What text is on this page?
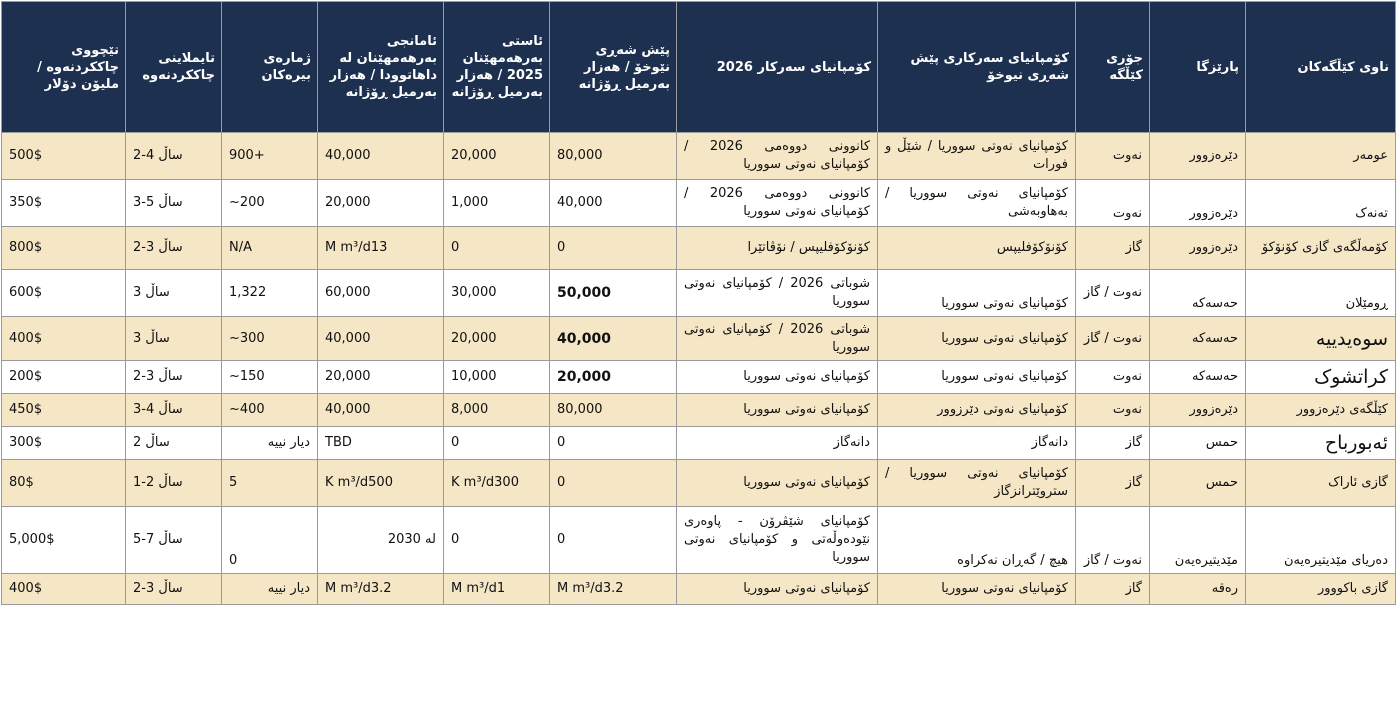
ناوی کێڵگەکان	پارێزگا	جۆری کێڵگە	کۆمپانیای سەرکاری پێش شەڕی نیوخۆ	کۆمپانیای سەرکار 2026	پێش شەڕی نێوخۆ / هەزار بەرمیل ڕۆژانە	ئاستی بەرهەمهێنان 2025 / هەزار بەرمیل ڕۆژانە	ئامانجی بەرهەمهێنان لە داهاتوودا / هەزار بەرمیل ڕۆژانە	ژمارەی بیرەکان	تایملاینی چاککردنەوە	تێچووی چاککردنەوە / ملیۆن دۆلار
عومەر	دێرەزوور	نەوت	کۆمپانیای نەوتی سووریا / شێڵ و فورات	کانوونی دووەمی 2026 / کۆمپانیای نەوتی سووریا	80,000	20,000	40,000	900+	2-4 ساڵ	500$
تەنەک	دێرەزوور	نەوت	کۆمپانیای نەوتی سووریا / بەهاوبەشی	کانوونی دووەمی 2026 / کۆمپانیای نەوتی سووریا	40,000	1,000	20,000	~200	3-5 ساڵ	350$
کۆمەڵگەی گازی کۆنۆکۆ	دێرەزوور	گاز	کۆنۆکۆفلیپس	کۆنۆکۆفلیپس / نۆڤاتێرا	0	0	M m³/d13	N/A	2-3 ساڵ	800$
ڕومێلان	حەسەکە	نەوت / گاز	کۆمپانیای نەوتی سووریا	شوباتی 2026 / کۆمپانیای نەوتی سووریا	50,000	30,000	60,000	1,322	3 ساڵ	600$
سوەیدییە	حەسەکە	نەوت / گاز	کۆمپانیای نەوتی سووریا	شوباتی 2026 / کۆمپانیای نەوتی سووریا	40,000	20,000	40,000	~300	3 ساڵ	400$
کراتشوک	حەسەکە	نەوت	کۆمپانیای نەوتی سووریا	کۆمپانیای نەوتی سووریا	20,000	10,000	20,000	~150	2-3 ساڵ	200$
کێڵگەی دێرەزوور	دێرەزوور	نەوت	کۆمپانیای نەوتی دێرزوور	کۆمپانیای نەوتی سووریا	80,000	8,000	40,000	~400	3-4 ساڵ	450$
ئەبورباح	حمس	گاز	دانەگاز	دانەگاز	0	0	TBD	دیار نییە	2 ساڵ	300$
گازی ئاراک	حمس	گاز	کۆمپانیای نەوتی سووریا / ستروێترانزگاز	کۆمپانیای نەوتی سووریا	0	K m³/d300	K m³/d500	5	1-2 ساڵ	80$
دەریای مێدیتیرەیەن	مێدیتیرەیەن	نەوت / گاز	هیچ / گەڕان نەکراوە	کۆمپانیای شێڤرۆن - پاوەری نێودەوڵەتی و کۆمپانیای نەوتی سووریا	0	0	لە 2030	0	5-7 ساڵ	5,000$
گازی باکووور	رەقە	گاز	کۆمپانیای نەوتی سووریا	کۆمپانیای نەوتی سووریا	M m³/d3.2	M m³/d1	M m³/d3.2	دیار نییە	2-3 ساڵ	400$
